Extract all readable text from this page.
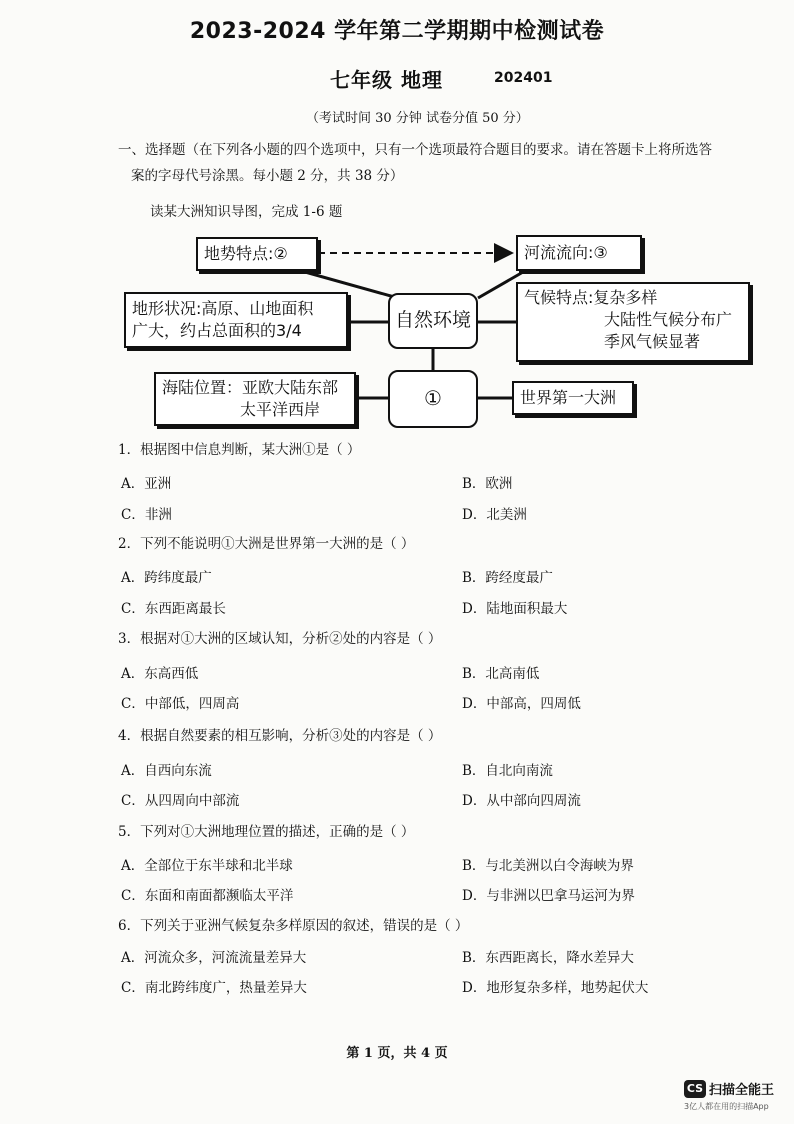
2023-2024 学年第二学期期中检测试卷
七年级 地理	202401
（考试时间 30 分钟 试卷分值 50 分）
一、选择题（在下列各小题的四个选项中，只有一个选项最符合题目的要求。请在答题卡上将所选答
案的字母代号涂黑。每小题 2 分，共 38 分）
读某大洲知识导图，完成 1-6 题
地势特点:②	河流流向:③
地形状况:高原、山地面积
广大，约占总面积的3/4	自然环境
气候特点:复杂多样
大陆性气候分布广
季风气候显著
海陆位置：亚欧大陆东部
太平洋西岸	①	世界第一大洲
1．根据图中信息判断，某大洲①是（ ）
A．亚洲	B．欧洲
C．非洲	D．北美洲
2．下列不能说明①大洲是世界第一大洲的是（ ）
A．跨纬度最广	B．跨经度最广
C．东西距离最长	D．陆地面积最大
3．根据对①大洲的区域认知，分析②处的内容是（ ）
A．东高西低	B．北高南低
C．中部低，四周高	D．中部高，四周低
4．根据自然要素的相互影响，分析③处的内容是（ ）
A．自西向东流	B．自北向南流
C．从四周向中部流	D．从中部向四周流
5．下列对①大洲地理位置的描述，正确的是（ ）
A．全部位于东半球和北半球	B．与北美洲以白令海峡为界
C．东面和南面都濒临太平洋	D．与非洲以巴拿马运河为界
6．下列关于亚洲气候复杂多样原因的叙述，错误的是（ ）
A．河流众多，河流流量差异大	B．东西距离长，降水差异大
C．南北跨纬度广，热量差异大	D．地形复杂多样，地势起伏大
第 1 页，共 4 页
CS 扫描全能王
3亿人都在用的扫描App
